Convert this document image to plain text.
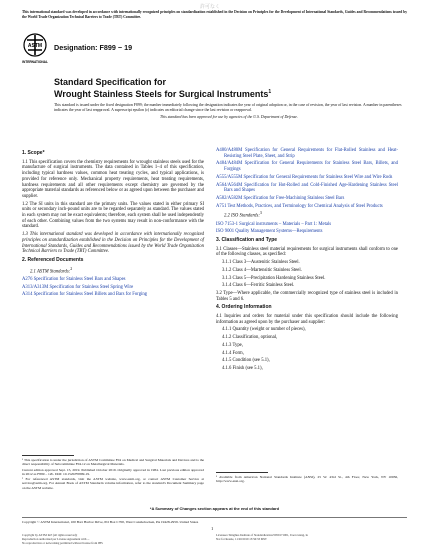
許可なく
This international standard was developed in accordance with internationally recognized principles on standardization established in the Decision on Principles for the Development of International Standards, Guides and Recommendations issued by the World Trade Organization Technical Barriers to Trade (TBT) Committee.
ASTM
INTERNATIONAL
Designation: F899 − 19
Standard Specification for
Wrought Stainless Steels for Surgical Instruments$^1$

This standard is issued under the fixed designation F899; the number immediately following the designation indicates the year of original adoption or, in the case of revision, the year of last revision. A number in parentheses indicates the year of last reapproval. A superscript epsilon (ε) indicates an editorial change since the last revision or reapproval.

This standard has been approved for use by agencies of the U.S. Department of Defense.

1. Scope*

1.1 This specification covers the chemistry requirements for wrought stainless steels used for the manufacture of surgical instruments. The data contained in Tables 1–4 of this specification, including typical hardness values, common heat treating cycles, and typical applications, is provided for reference only. Mechanical property requirements, heat treating requirements, hardness requirements and all other requirements except chemistry are governed by the appropriate material standards as referenced below or as agreed upon between the purchaser and supplier.

1.2 The SI units in this standard are the primary units. The values stated in either primary SI units or secondary inch-pound units are to be regarded separately as standard. The values stated in each system may not be exact equivalents; therefore, each system shall be used independently of each other. Combining values from the two systems may result in non-conformance with the standard.

1.3 This international standard was developed in accordance with internationally recognized principles on standardization established in the Decision on Principles for the Development of International Standards, Guides and Recommendations issued by the World Trade Organization Technical Barriers to Trade (TBT) Committee.

2. Referenced Documents

2.1 ASTM Standards:$^2$

A276 Specification for Stainless Steel Bars and Shapes

A313/A313M Specification for Stainless Steel Spring Wire

A314 Specification for Stainless Steel Billets and Bars for Forging

A480/A480M Specification for General Requirements for Flat-Rolled Stainless and Heat-Resisting Steel Plate, Sheet, and Strip

A484/A484M Specification for General Requirements for Stainless Steel Bars, Billets, and Forgings

A555/A555M Specification for General Requirements for Stainless Steel Wire and Wire Rods

A564/A564M Specification for Hot-Rolled and Cold-Finished Age-Hardening Stainless Steel Bars and Shapes

A582/A582M Specification for Free-Machining Stainless Steel Bars

A751 Test Methods, Practices, and Terminology for Chemical Analysis of Steel Products

2.2 ISO Standards:$^3$

ISO 7153-1 Surgical instruments – Materials – Part 1: Metals

ISO 9001 Quality Management Systems—Requirements

3. Classification and Type

3.1 Classes—Stainless steel material requirements for surgical instruments shall conform to one of the following classes, as specified:

3.1.1 Class 3—Austenitic Stainless Steel.

3.1.2 Class 4—Martensitic Stainless Steel.

3.1.3 Class 5—Precipitation Hardening Stainless Steel.

3.1.4 Class 6—Ferritic Stainless Steel.

3.2 Type—Where applicable, the commercially recognized type of stainless steel is included in Tables 5 and 6.

4. Ordering Information

4.1 Inquiries and orders for material under this specification should include the following information as agreed upon by the purchaser and supplier:

4.1.1 Quantity (weight or number of pieces),

4.1.2 Classification, optional,

4.1.3 Type,

4.1.4 Form,

4.1.5 Condition (see 5.1),

4.1.6 Finish (see 5.1),

¹ This specification is under the jurisdiction of ASTM Committee F04 on Medical and Surgical Materials and Devices and is the direct responsibility of Subcommittee F04.12 on Metallurgical Materials.

Current edition approved Sept. 15, 2019. Published October 2019. Originally approved in 1984. Last previous edition approved in 2012 as F899 – 12b. DOI: 10.1520/F0899-19.

² For referenced ASTM standards, visit the ASTM website, www.astm.org, or contact ASTM Customer Service at service@astm.org. For Annual Book of ASTM Standards volume information, refer to the standard's Document Summary page on the ASTM website.

³ Available from American National Standards Institute (ANSI), 25 W. 43rd St., 4th Floor, New York, NY 10036, http://www.ansi.org.

*A Summary of Changes section appears at the end of this standard
Copyright © ASTM International, 100 Barr Harbor Drive, PO Box C700, West Conshohocken, PA 19428-2959. United States
1
Copyright by ASTM Int'l (all rights reserved);
Reproduction authorized per License Agreement with ...
No reproduction or networking permitted without license from IHS
Licensee=Tsinghua Institute of Standardization/5959171001, User=xiang, lu
Not for Resale, 11/20/2019 13:56:33 MST
